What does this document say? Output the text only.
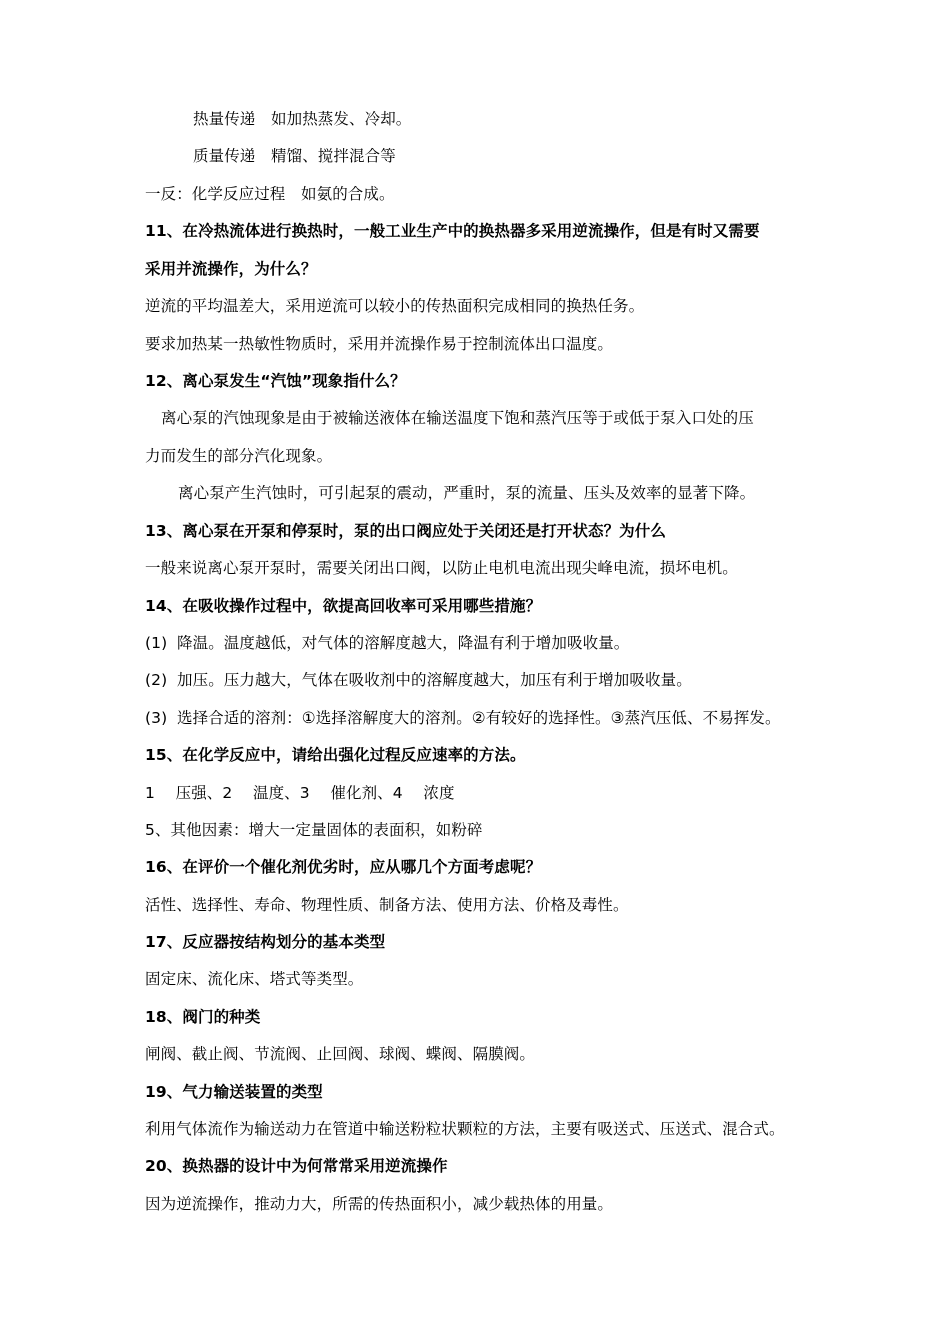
热量传递　如加热蒸发、冷却。
质量传递　精馏、搅拌混合等
一反：化学反应过程　如氨的合成。
11、在冷热流体进行换热时，一般工业生产中的换热器多采用逆流操作，但是有时又需要
采用并流操作，为什么？
逆流的平均温差大，采用逆流可以较小的传热面积完成相同的换热任务。
要求加热某一热敏性物质时，采用并流操作易于控制流体出口温度。
12、离心泵发生“汽蚀”现象指什么？
离心泵的汽蚀现象是由于被输送液体在输送温度下饱和蒸汽压等于或低于泵入口处的压
力而发生的部分汽化现象。
离心泵产生汽蚀时，可引起泵的震动，严重时，泵的流量、压头及效率的显著下降。
13、离心泵在开泵和停泵时，泵的出口阀应处于关闭还是打开状态？为什么
一般来说离心泵开泵时，需要关闭出口阀，以防止电机电流出现尖峰电流，损坏电机。
14、在吸收操作过程中，欲提高回收率可采用哪些措施？
(1) 降温。温度越低，对气体的溶解度越大，降温有利于增加吸收量。
(2) 加压。压力越大，气体在吸收剂中的溶解度越大，加压有利于增加吸收量。
(3) 选择合适的溶剂：①选择溶解度大的溶剂。②有较好的选择性。③蒸汽压低、不易挥发。
15、在化学反应中，请给出强化过程反应速率的方法。
1　 压强、2　 温度、3　 催化剂、4　 浓度
5、其他因素：增大一定量固体的表面积，如粉碎
16、在评价一个催化剂优劣时，应从哪几个方面考虑呢？
活性、选择性、寿命、物理性质、制备方法、使用方法、价格及毒性。
17、反应器按结构划分的基本类型
固定床、流化床、塔式等类型。
18、阀门的种类
闸阀、截止阀、节流阀、止回阀、球阀、蝶阀、隔膜阀。
19、气力输送装置的类型
利用气体流作为输送动力在管道中输送粉粒状颗粒的方法，主要有吸送式、压送式、混合式。
20、换热器的设计中为何常常采用逆流操作
因为逆流操作，推动力大，所需的传热面积小，减少载热体的用量。
